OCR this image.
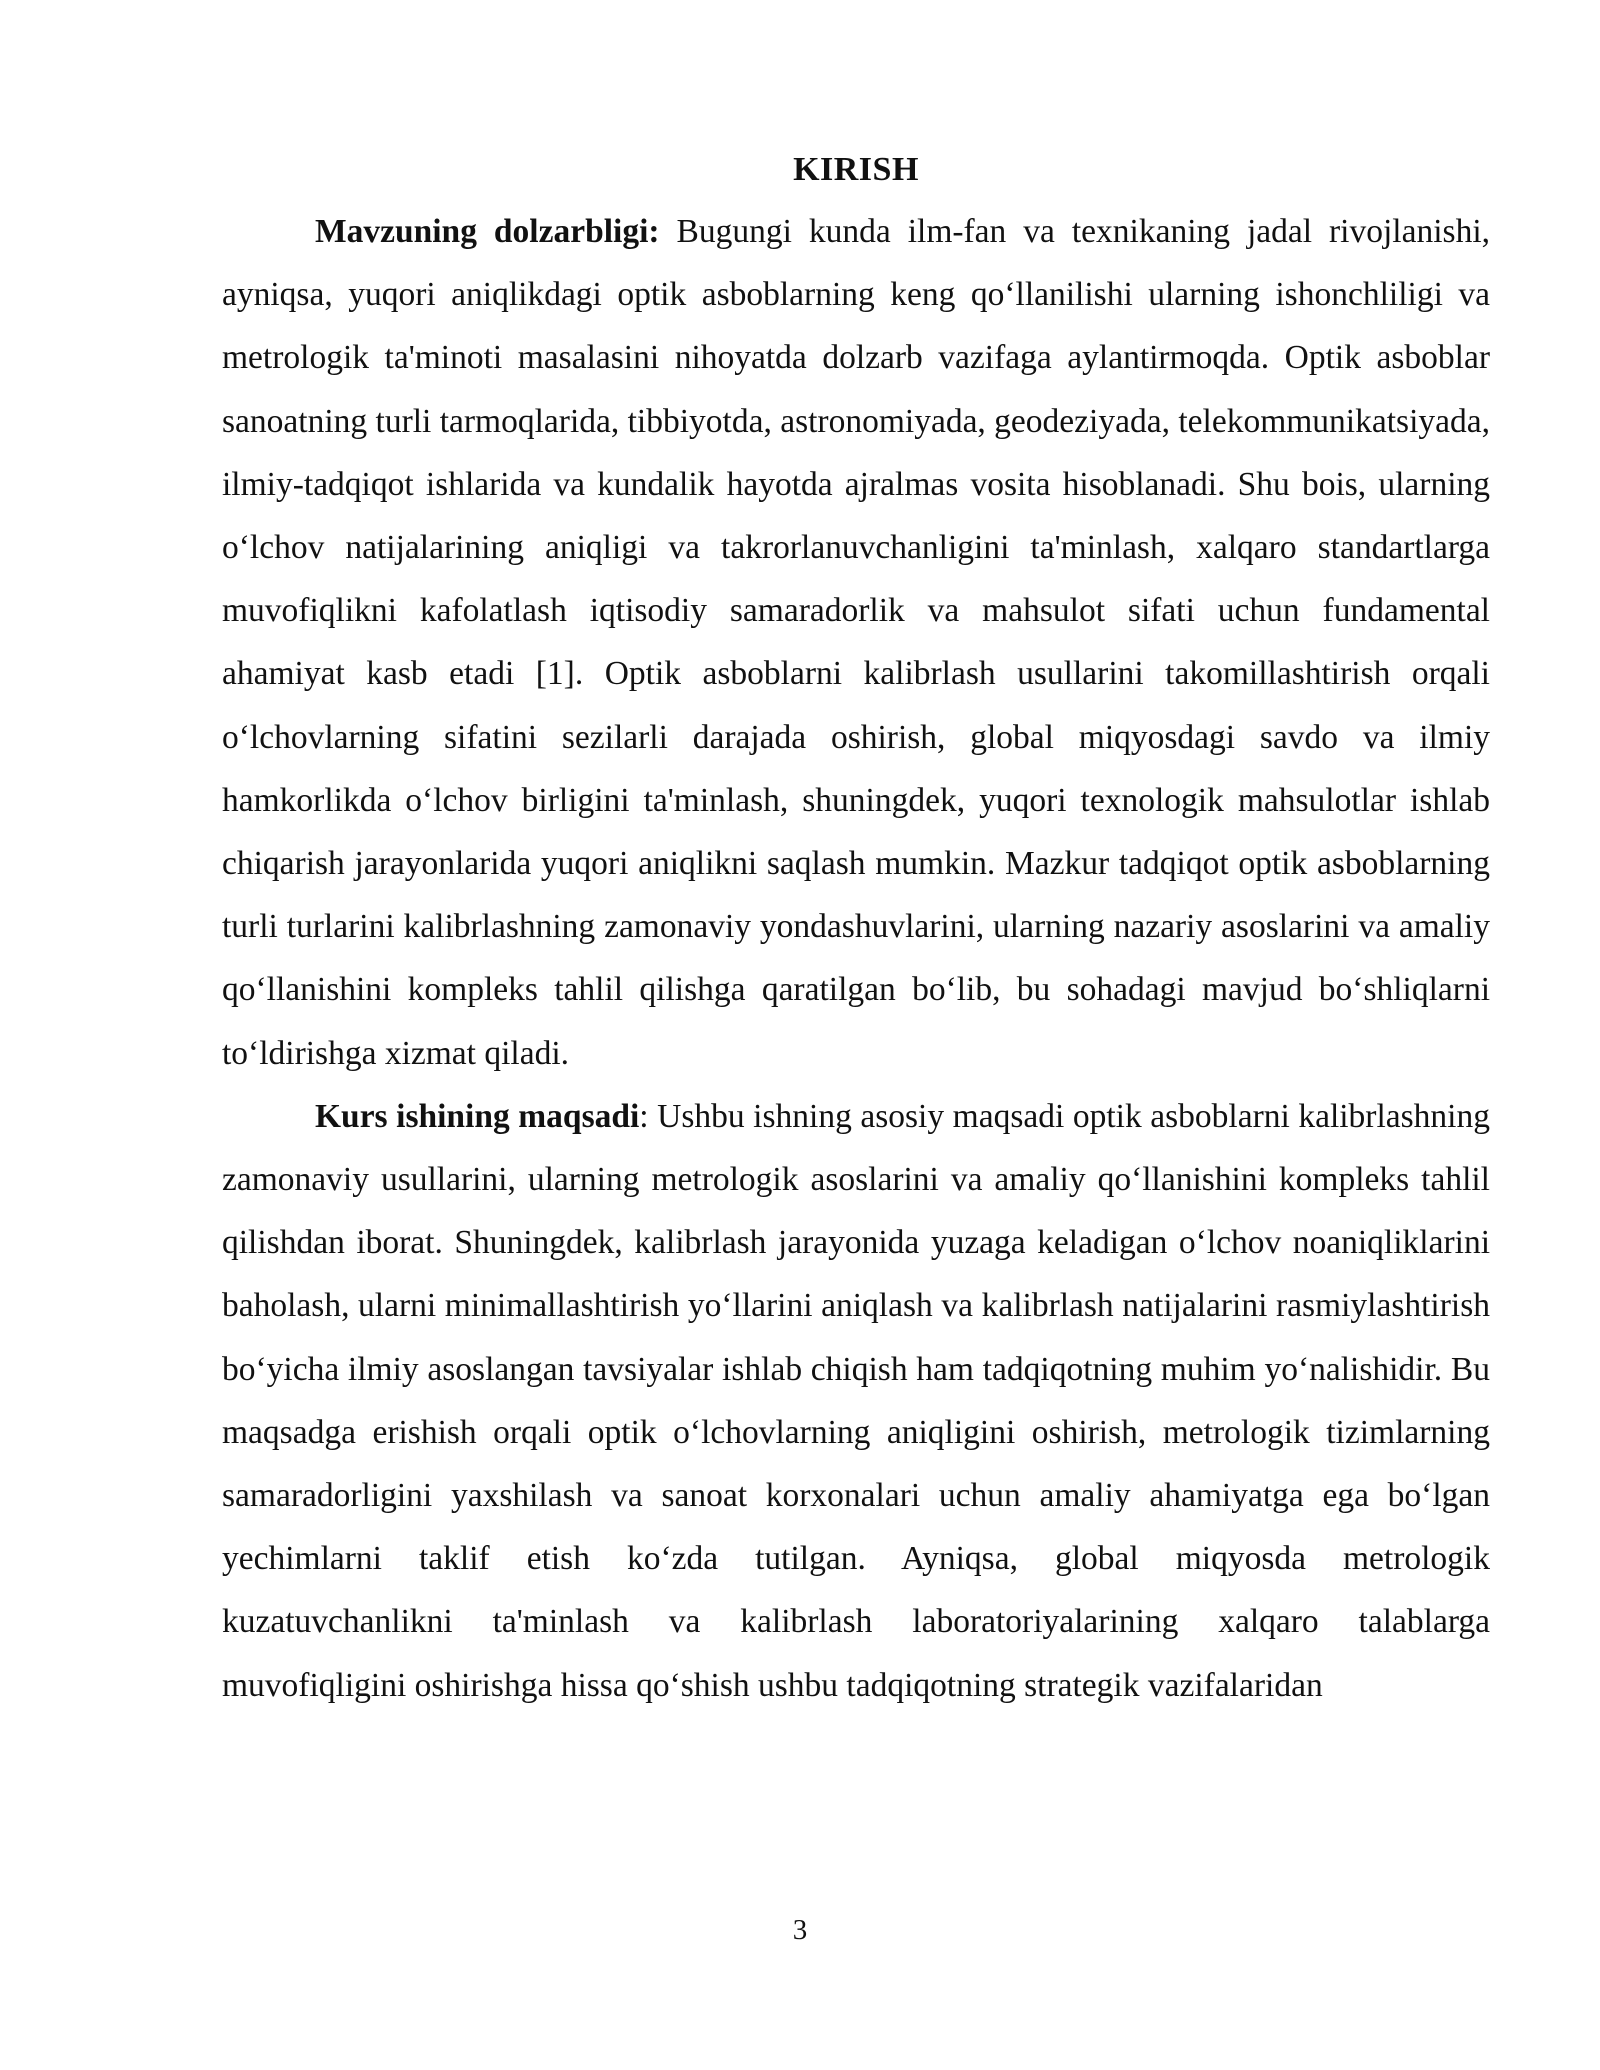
KIRISH

Mavzuning dolzarbligi: Bugungi kunda ilm-fan va texnikaning jadal rivojlanishi, ayniqsa, yuqori aniqlikdagi optik asboblarning keng qo‘llanilishi ularning ishonchliligi va metrologik ta'minoti masalasini nihoyatda dolzarb vazifaga aylantirmoqda. Optik asboblar sanoatning turli tarmoqlarida, tibbiyotda, astronomiyada, geodeziyada, telekommunikatsiyada, ilmiy-tadqiqot ishlarida va kundalik hayotda ajralmas vosita hisoblanadi. Shu bois, ularning o‘lchov natijalarining aniqligi va takrorlanuvchanligini ta'minlash, xalqaro standartlarga muvofiqlikni kafolatlash iqtisodiy samaradorlik va mahsulot sifati uchun fundamental ahamiyat kasb etadi [1]. Optik asboblarni kalibrlash usullarini takomillashtirish orqali o‘lchovlarning sifatini sezilarli darajada oshirish, global miqyosdagi savdo va ilmiy hamkorlikda o‘lchov birligini ta'minlash, shuningdek, yuqori texnologik mahsulotlar ishlab chiqarish jarayonlarida yuqori aniqlikni saqlash mumkin. Mazkur tadqiqot optik asboblarning turli turlarini kalibrlashning zamonaviy yondashuvlarini, ularning nazariy asoslarini va amaliy qo‘llanishini kompleks tahlil qilishga qaratilgan bo‘lib, bu sohadagi mavjud bo‘shliqlarni to‘ldirishga xizmat qiladi.

Kurs ishining maqsadi: Ushbu ishning asosiy maqsadi optik asboblarni kalibrlashning zamonaviy usullarini, ularning metrologik asoslarini va amaliy qo‘llanishini kompleks tahlil qilishdan iborat. Shuningdek, kalibrlash jarayonida yuzaga keladigan o‘lchov noaniqliklarini baholash, ularni minimallashtirish yo‘llarini aniqlash va kalibrlash natijalarini rasmiylashtirish bo‘yicha ilmiy asoslangan tavsiyalar ishlab chiqish ham tadqiqotning muhim yo‘nalishidir. Bu maqsadga erishish orqali optik o‘lchovlarning aniqligini oshirish, metrologik tizimlarning samaradorligini yaxshilash va sanoat korxonalari uchun amaliy ahamiyatga ega bo‘lgan yechimlarni taklif etish ko‘zda tutilgan. Ayniqsa, global miqyosda metrologik kuzatuvchanlikni ta'minlash va kalibrlash laboratoriyalarining xalqaro talablarga muvofiqligini oshirishga hissa qo‘shish ushbu tadqiqotning strategik vazifalaridan

3
